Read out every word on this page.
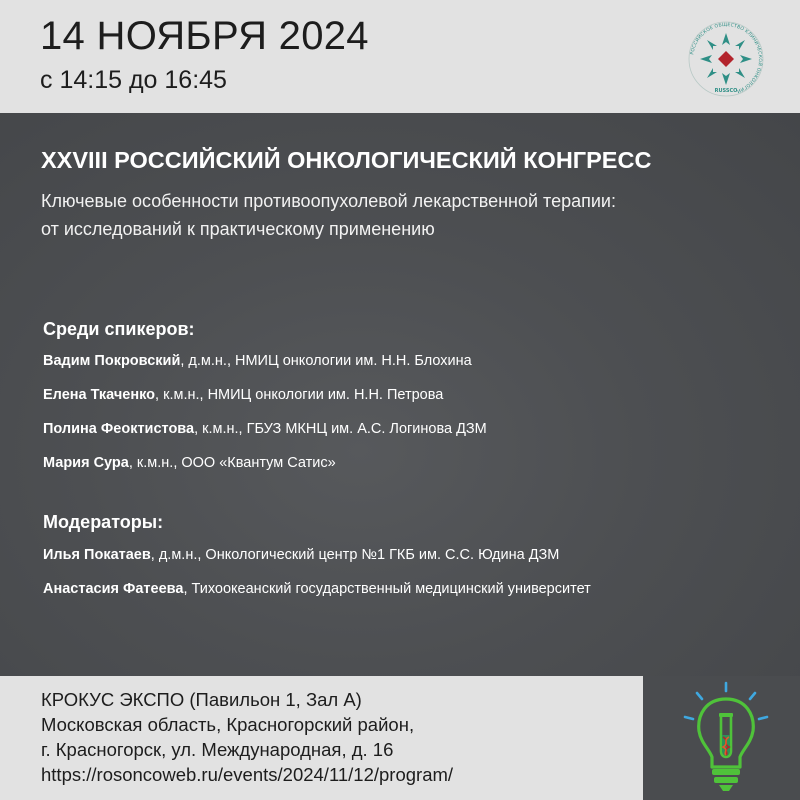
14 НОЯБРЯ 2024
с 14:15 до 16:45
РОССИЙСКОЕ ОБЩЕСТВО КЛИНИЧЕСКОЙ ОНКОЛОГИИ
RUSSCO
XXVIII РОССИЙСКИЙ ОНКОЛОГИЧЕСКИЙ КОНГРЕСС
Ключевые особенности противоопухолевой лекарственной терапии:
от исследований к практическому применению
Среди спикеров:
Вадим Покровский, д.м.н., НМИЦ онкологии им. Н.Н. Блохина
Елена Ткаченко, к.м.н., НМИЦ онкологии им. Н.Н. Петрова
Полина Феоктистова, к.м.н., ГБУЗ МКНЦ им. А.С. Логинова ДЗМ
Мария Сура, к.м.н., ООО «Квантум Сатис»
Модераторы:
Илья Покатаев, д.м.н., Онкологический центр №1 ГКБ им. С.С. Юдина ДЗМ
Анастасия Фатеева, Тихоокеанский государственный медицинский университет
КРОКУС ЭКСПО (Павильон 1, Зал А)
Московская область, Красногорский район,
г. Красногорск, ул. Международная, д. 16
https://rosoncoweb.ru/events/2024/11/12/program/
